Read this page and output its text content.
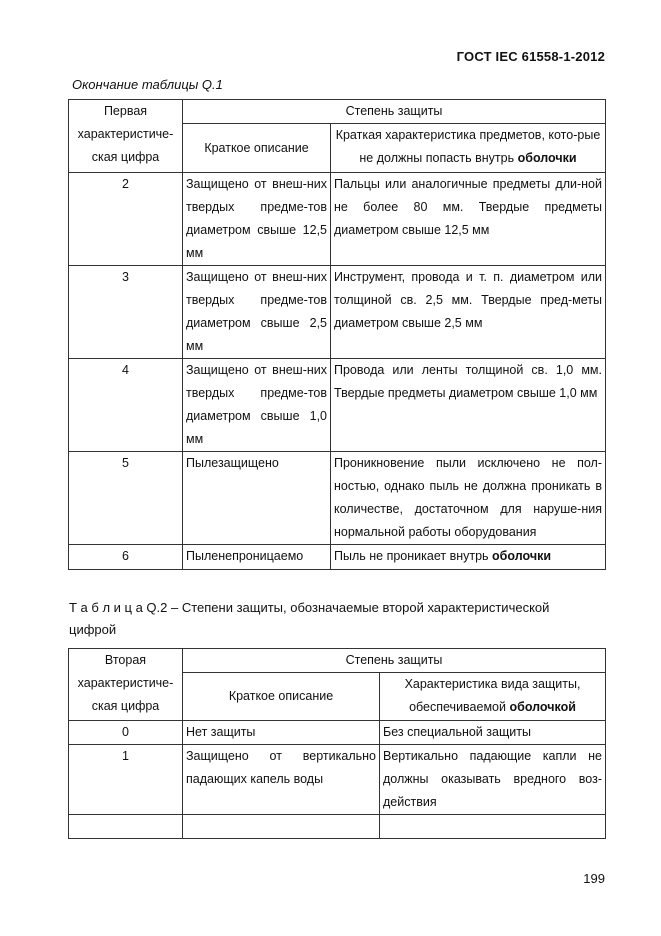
ГОСТ IEC 61558-1-2012
Окончание таблицы Q.1
Первая характеристиче-ская цифра	Степень защиты	
	Краткое описание	Краткая характеристика предметов, кото-рые не должны попасть внутрь оболочки
2	Защищено от внеш-них твердых предме-тов диаметром свыше 12,5 мм	Пальцы или аналогичные предметы дли-ной не более 80 мм. Твердые предметы диаметром свыше 12,5 мм
3	Защищено от внеш-них твердых предме-тов диаметром свыше 2,5 мм	Инструмент, провода и т. п. диаметром или толщиной св. 2,5 мм. Твердые пред-меты диаметром свыше 2,5 мм
4	Защищено от внеш-них твердых предме-тов диаметром свыше 1,0 мм	Провода или ленты толщиной св. 1,0 мм. Твердые предметы диаметром свыше 1,0 мм
5	Пылезащищено	Проникновение пыли исключено не пол-ностью, однако пыль не должна проникать в количестве, достаточном для наруше-ния нормальной работы оборудования
6	Пыленепроницаемо	Пыль не проникает внутрь оболочки
Т а б л и ц а Q.2 – Степени защиты, обозначаемые второй характеристической цифрой
Вторая характеристиче-ская цифра	Степень защиты	
	Краткое описание	Характеристика вида защиты, обеспечиваемой оболочкой
0	Нет защиты	Без специальной защиты
1	Защищено от вертикально падающих капель воды	Вертикально падающие капли не должны оказывать вредного воз-действия

199
